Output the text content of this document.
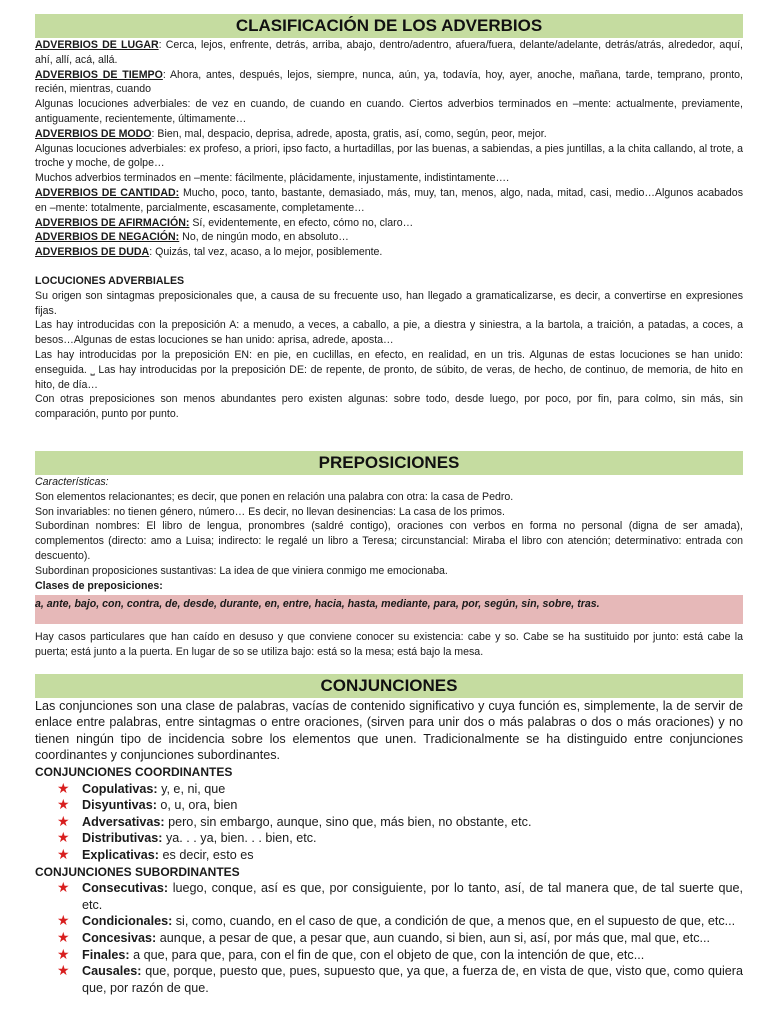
CLASIFICACIÓN DE LOS ADVERBIOS

ADVERBIOS DE LUGAR: Cerca, lejos, enfrente, detrás, arriba, abajo, dentro/adentro, afuera/fuera, delante/adelante, detrás/atrás, alrededor, aquí, ahí, allí, acá, allá.

ADVERBIOS DE TIEMPO: Ahora, antes, después, lejos, siempre, nunca, aún, ya, todavía, hoy, ayer, anoche, mañana, tarde, temprano, pronto, recién, mientras, cuando

Algunas locuciones adverbiales: de vez en cuando, de cuando en cuando. Ciertos adverbios terminados en –mente: actualmente, previamente, antiguamente, recientemente, últimamente…

ADVERBIOS DE MODO: Bien, mal, despacio, deprisa, adrede, aposta, gratis, así, como, según, peor, mejor.

Algunas locuciones adverbiales: ex profeso, a priori, ipso facto, a hurtadillas, por las buenas, a sabiendas, a pies juntillas, a la chita callando, al trote, a troche y moche, de golpe…

Muchos adverbios terminados en –mente: fácilmente, plácidamente, injustamente, indistintamente….

ADVERBIOS DE CANTIDAD: Mucho, poco, tanto, bastante, demasiado, más, muy, tan, menos, algo, nada, mitad, casi, medio…Algunos acabados en –mente: totalmente, parcialmente, escasamente, completamente…

ADVERBIOS DE AFIRMACIÓN: Sí, evidentemente, en efecto, cómo no, claro…

ADVERBIOS DE NEGACIÓN: No, de ningún modo, en absoluto…

ADVERBIOS DE DUDA: Quizás, tal vez, acaso, a lo mejor, posiblemente.

LOCUCIONES ADVERBIALES

Su origen son sintagmas preposicionales que, a causa de su frecuente uso, han llegado a gramaticalizarse, es decir, a convertirse en expresiones fijas.

Las hay introducidas con la preposición A: a menudo, a veces, a caballo, a pie, a diestra y siniestra, a la bartola, a traición, a patadas, a coces, a besos…Algunas de estas locuciones se han unido: aprisa, adrede, aposta…

Las hay introducidas por la preposición EN: en pie, en cuclillas, en efecto, en realidad, en un tris. Algunas de estas locuciones se han unido: enseguida. ⎵ Las hay introducidas por la preposición DE: de repente, de pronto, de súbito, de veras, de hecho, de continuo, de memoria, de hito en hito, de día…

Con otras preposiciones son menos abundantes pero existen algunas: sobre todo, desde luego, por poco, por fin, para colmo, sin más, sin comparación, punto por punto.

PREPOSICIONES

Características:

Son elementos relacionantes; es decir, que ponen en relación una palabra con otra: la casa de Pedro.

Son invariables: no tienen género, número… Es decir, no llevan desinencias: La casa de los primos.

Subordinan nombres: El libro de lengua, pronombres (saldré contigo), oraciones con verbos en forma no personal (digna de ser amada), complementos (directo: amo a Luisa; indirecto: le regalé un libro a Teresa; circunstancial: Miraba el libro con atención; determinativo: entrada con descuento).

Subordinan proposiciones sustantivas: La idea de que viniera conmigo me emocionaba.

Clases de preposiciones:

a, ante, bajo, con, contra, de, desde, durante, en, entre, hacia, hasta, mediante, para, por, según, sin, sobre, tras.

Hay casos particulares que han caído en desuso y que conviene conocer su existencia: cabe y so. Cabe se ha sustituido por junto: está cabe la puerta; está junto a la puerta. En lugar de so se utiliza bajo: está so la mesa; está bajo la mesa.

CONJUNCIONES

Las conjunciones son una clase de palabras, vacías de contenido significativo y cuya función es, simplemente, la de servir de enlace entre palabras, entre sintagmas o entre oraciones, (sirven para unir dos o más palabras o dos o más oraciones) y no tienen ningún tipo de incidencia sobre los elementos que unen. Tradicionalmente se ha distinguido entre conjunciones coordinantes y conjunciones subordinantes.

CONJUNCIONES COORDINANTES

★ Copulativas: y, e, ni, que
★ Disyuntivas: o, u, ora, bien
★ Adversativas: pero, sin embargo, aunque, sino que, más bien, no obstante, etc.
★ Distributivas: ya. . . ya, bien. . . bien, etc.
★ Explicativas: es decir, esto es

CONJUNCIONES SUBORDINANTES

★ Consecutivas: luego, conque, así es que, por consiguiente, por lo tanto, así, de tal manera que, de tal suerte que, etc.
★ Condicionales: si, como, cuando, en el caso de que, a condición de que, a menos que, en el supuesto de que, etc...
★ Concesivas: aunque, a pesar de que, a pesar que, aun cuando, si bien, aun si, así, por más que, mal que, etc...
★ Finales: a que, para que, para, con el fin de que, con el objeto de que, con la intención de que, etc...
★ Causales: que, porque, puesto que, pues, supuesto que, ya que, a fuerza de, en vista de que, visto que, como quiera que, por razón de que.
